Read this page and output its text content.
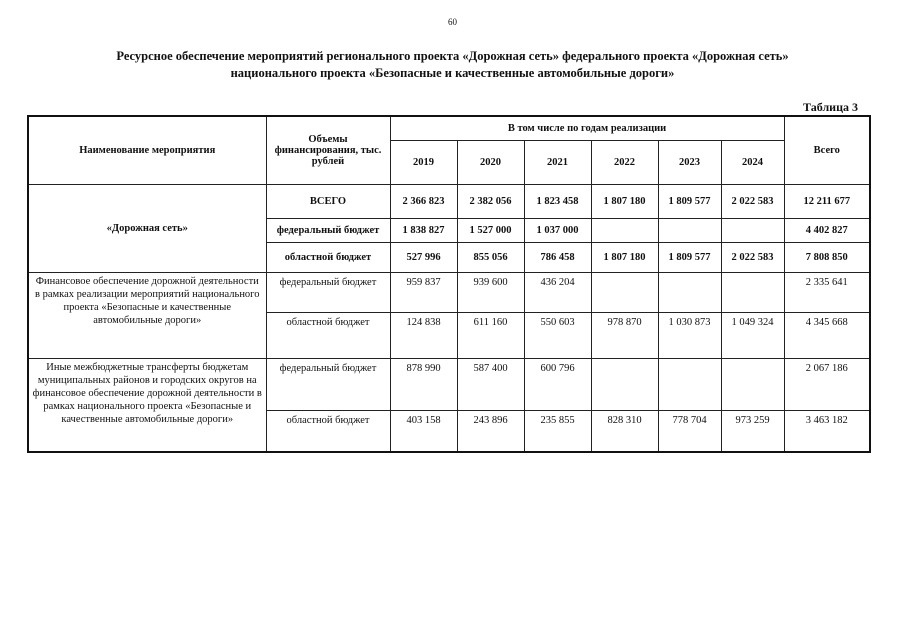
60
Ресурсное обеспечение мероприятий регионального проекта «Дорожная сеть» федерального проекта «Дорожная сеть»
национального проекта «Безопасные и качественные автомобильные дороги»
Таблица 3
Наименование мероприятия	Объемы финансирования, тыс. рублей	В том числе по годам реализации						Всего
		2019	2020	2021	2022	2023	2024	
«Дорожная сеть»	ВСЕГО	2 366 823	2 382 056	1 823 458	1 807 180	1 809 577	2 022 583	12 211 677
	федеральный бюджет	1 838 827	1 527 000	1 037 000				4 402 827
	областной бюджет	527 996	855 056	786 458	1 807 180	1 809 577	2 022 583	7 808 850
Финансовое обеспечение дорожной деятельности в рамках реализации мероприятий национального проекта «Безопасные и качественные автомобильные дороги»	федеральный бюджет	959 837	939 600	436 204				2 335 641
	областной бюджет	124 838	611 160	550 603	978 870	1 030 873	1 049 324	4 345 668
Иные межбюджетные трансферты бюджетам муниципальных районов и городских округов на финансовое обеспечение дорожной деятельности в рамках национального проекта «Безопасные и качественные автомобильные дороги»	федеральный бюджет	878 990	587 400	600 796				2 067 186
	областной бюджет	403 158	243 896	235 855	828 310	778 704	973 259	3 463 182
